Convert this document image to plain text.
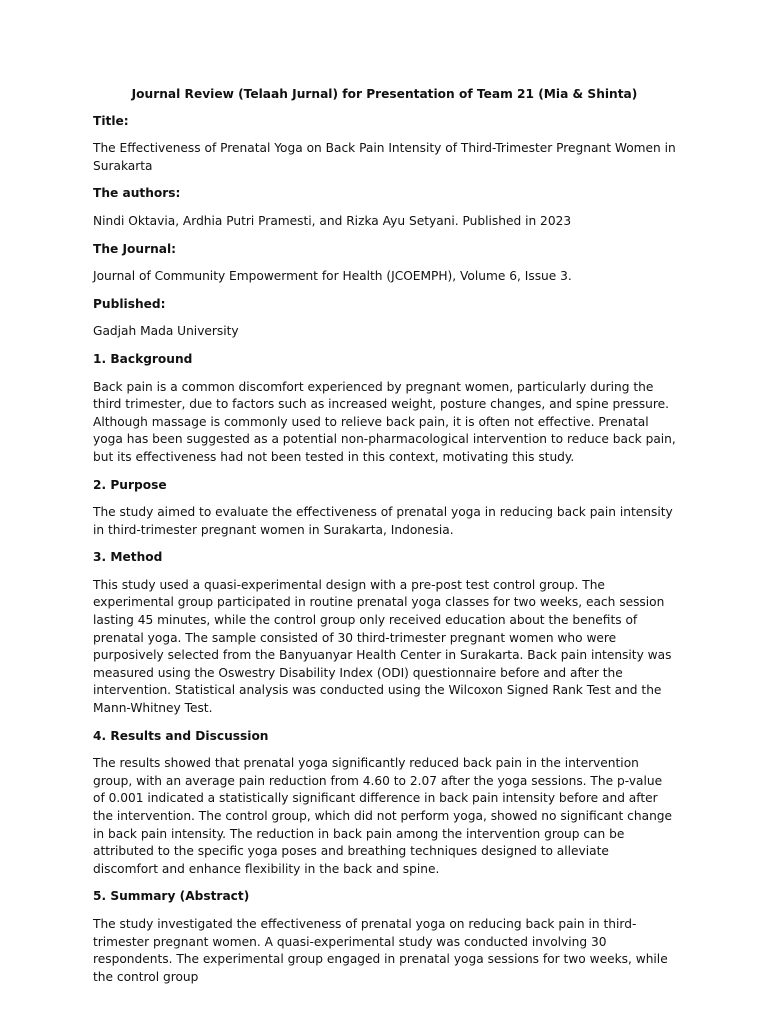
Journal Review (Telaah Jurnal) for Presentation of Team 21 (Mia & Shinta)

Title:

The Effectiveness of Prenatal Yoga on Back Pain Intensity of Third-Trimester Pregnant Women in Surakarta

The authors:

Nindi Oktavia, Ardhia Putri Pramesti, and Rizka Ayu Setyani. Published in 2023

The Journal:

Journal of Community Empowerment for Health (JCOEMPH), Volume 6, Issue 3.

Published:

Gadjah Mada University

1. Background

Back pain is a common discomfort experienced by pregnant women, particularly during the third trimester, due to factors such as increased weight, posture changes, and spine pressure. Although massage is commonly used to relieve back pain, it is often not effective. Prenatal yoga has been suggested as a potential non-pharmacological intervention to reduce back pain, but its effectiveness had not been tested in this context, motivating this study.

2. Purpose

The study aimed to evaluate the effectiveness of prenatal yoga in reducing back pain intensity in third-trimester pregnant women in Surakarta, Indonesia.

3. Method

This study used a quasi-experimental design with a pre-post test control group. The experimental group participated in routine prenatal yoga classes for two weeks, each session lasting 45 minutes, while the control group only received education about the benefits of prenatal yoga. The sample consisted of 30 third-trimester pregnant women who were purposively selected from the Banyuanyar Health Center in Surakarta. Back pain intensity was measured using the Oswestry Disability Index (ODI) questionnaire before and after the intervention. Statistical analysis was conducted using the Wilcoxon Signed Rank Test and the Mann-Whitney Test.

4. Results and Discussion

The results showed that prenatal yoga significantly reduced back pain in the intervention group, with an average pain reduction from 4.60 to 2.07 after the yoga sessions. The p-value of 0.001 indicated a statistically significant difference in back pain intensity before and after the intervention. The control group, which did not perform yoga, showed no significant change in back pain intensity. The reduction in back pain among the intervention group can be attributed to the specific yoga poses and breathing techniques designed to alleviate discomfort and enhance flexibility in the back and spine.

5. Summary (Abstract)

The study investigated the effectiveness of prenatal yoga on reducing back pain in third-trimester pregnant women. A quasi-experimental study was conducted involving 30 respondents. The experimental group engaged in prenatal yoga sessions for two weeks, while the control group
